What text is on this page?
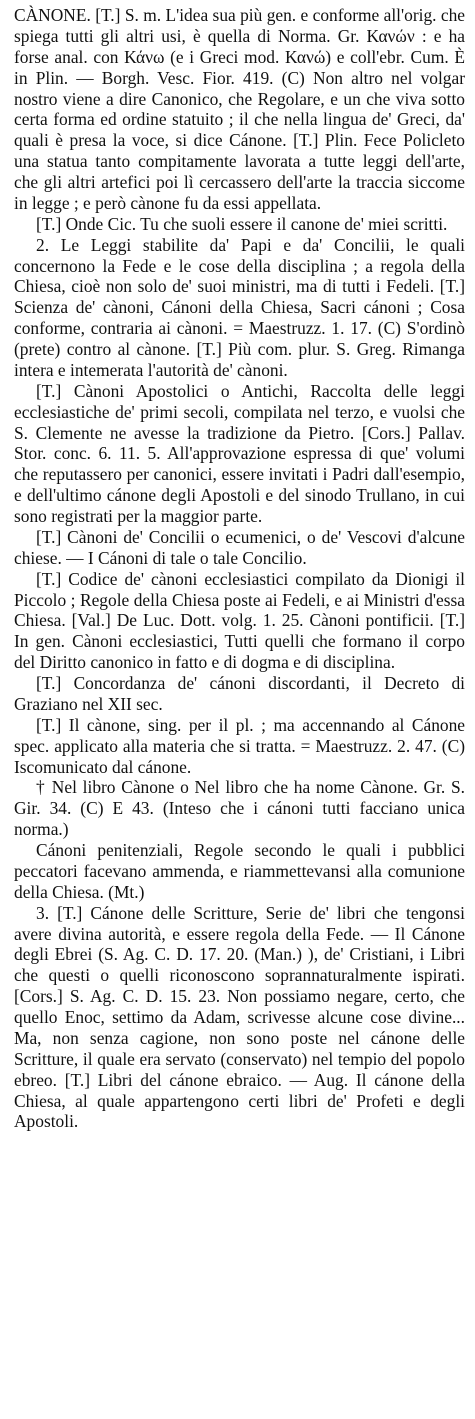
CÀNONE. [T.] S. m. L'idea sua più gen. e conforme all'orig. che spiega tutti gli altri usi, è quella di Norma. Gr. Κανών : e ha forse anal. con Κάνω (e i Greci mod. Κανώ) e coll'ebr. Cum. È in Plin. — Borgh. Vesc. Fior. 419. (C) Non altro nel volgar nostro viene a dire Canonico, che Regolare, e un che viva sotto certa forma ed ordine statuito ; il che nella lingua de' Greci, da' quali è presa la voce, si dice Cánone. [T.] Plin. Fece Policleto una statua tanto compitamente lavorata a tutte leggi dell'arte, che gli altri artefici poi lì cercassero dell'arte la traccia siccome in legge ; e però cànone fu da essi appellata.

[T.] Onde Cic. Tu che suoli essere il canone de' miei scritti.

2. Le Leggi stabilite da' Papi e da' Concilii, le quali concernono la Fede e le cose della disciplina ; a regola della Chiesa, cioè non solo de' suoi ministri, ma di tutti i Fedeli. [T.] Scienza de' cànoni, Cánoni della Chiesa, Sacri cánoni ; Cosa conforme, contraria ai cànoni. = Maestruzz. 1. 17. (C) S'ordinò (prete) contro al cànone. [T.] Più com. plur. S. Greg. Rimanga intera e intemerata l'autorità de' cànoni.

[T.] Cànoni Apostolici o Antichi, Raccolta delle leggi ecclesiastiche de' primi secoli, compilata nel terzo, e vuolsi che S. Clemente ne avesse la tradizione da Pietro. [Cors.] Pallav. Stor. conc. 6. 11. 5. All'approvazione espressa di que' volumi che reputassero per canonici, essere invitati i Padri dall'esempio, e dell'ultimo cánone degli Apostoli e del sinodo Trullano, in cui sono registrati per la maggior parte.

[T.] Cànoni de' Concilii o ecumenici, o de' Vescovi d'alcune chiese. — I Cánoni di tale o tale Concilio.

[T.] Codice de' cànoni ecclesiastici compilato da Dionigi il Piccolo ; Regole della Chiesa poste ai Fedeli, e ai Ministri d'essa Chiesa. [Val.] De Luc. Dott. volg. 1. 25. Cànoni pontificii. [T.] In gen. Cànoni ecclesiastici, Tutti quelli che formano il corpo del Diritto canonico in fatto e di dogma e di disciplina.

[T.] Concordanza de' cánoni discordanti, il Decreto di Graziano nel XII sec.

[T.] Il cànone, sing. per il pl. ; ma accennando al Cánone spec. applicato alla materia che si tratta. = Maestruzz. 2. 47. (C) Iscomunicato dal cánone.

† Nel libro Cànone o Nel libro che ha nome Cànone. Gr. S. Gir. 34. (C) E 43. (Inteso che i cánoni tutti facciano unica norma.)

Cánoni penitenziali, Regole secondo le quali i pubblici peccatori facevano ammenda, e riammettevansi alla comunione della Chiesa. (Mt.)

3. [T.] Cánone delle Scritture, Serie de' libri che tengonsi avere divina autorità, e essere regola della Fede. — Il Cánone degli Ebrei (S. Ag. C. D. 17. 20. (Man.) ), de' Cristiani, i Libri che questi o quelli riconoscono soprannaturalmente ispirati. [Cors.] S. Ag. C. D. 15. 23. Non possiamo negare, certo, che quello Enoc, settimo da Adam, scrivesse alcune cose divine... Ma, non senza cagione, non sono poste nel cánone delle Scritture, il quale era servato (conservato) nel tempio del popolo ebreo. [T.] Libri del cánone ebraico. — Aug. Il cánone della Chiesa, al quale appartengono certi libri de' Profeti e degli Apostoli.
